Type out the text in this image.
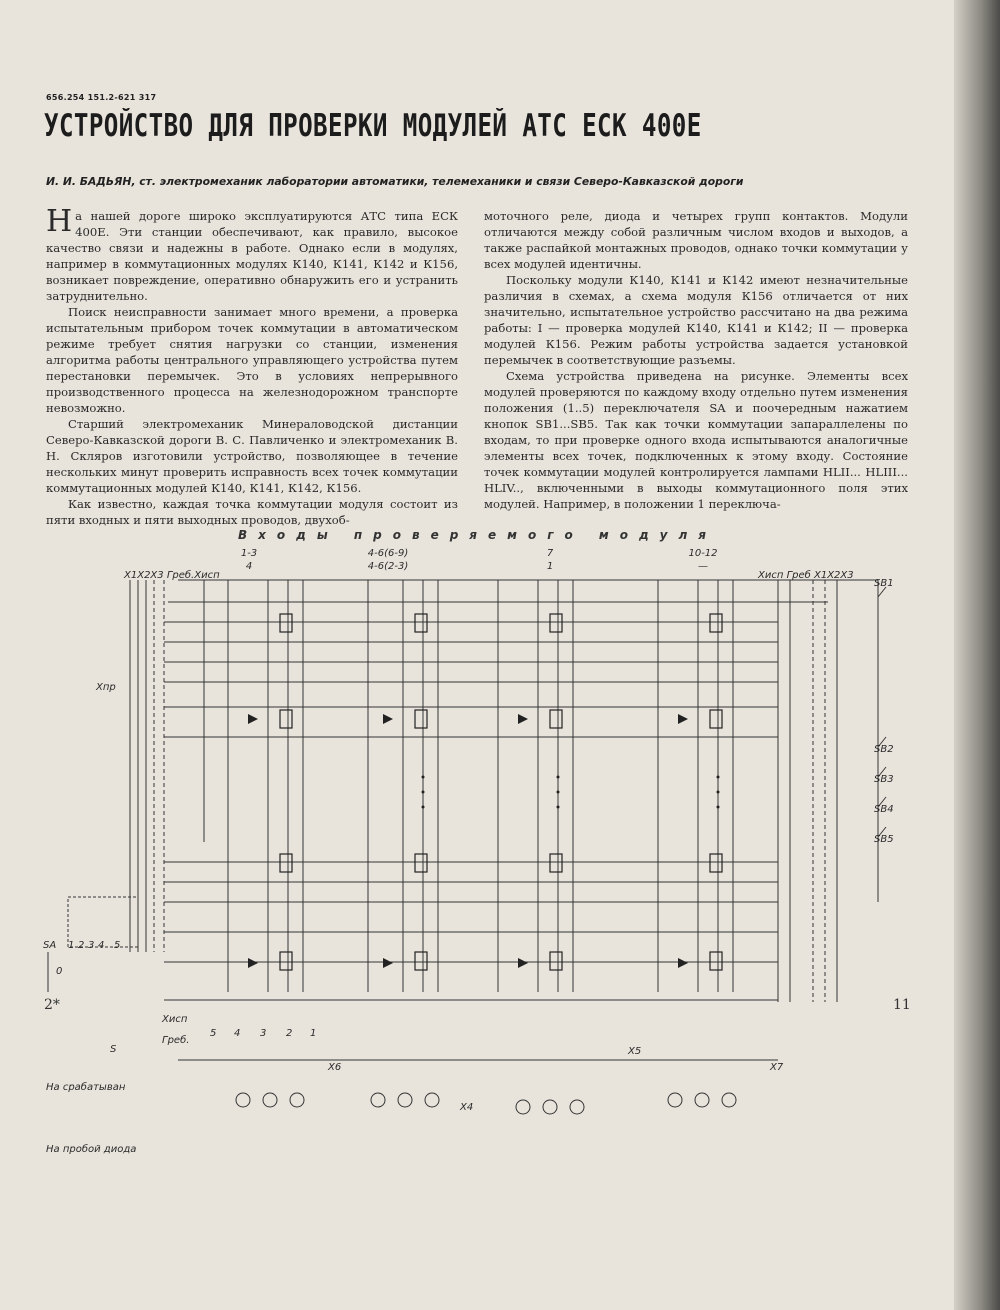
656.254 151.2-621 317
УСТРОЙСТВО ДЛЯ ПРОВЕРКИ МОДУЛЕЙ АТС ЕСК 400Е
И. И. БАДЬЯН, ст. электромеханик лаборатории автоматики, телемеханики и связи Северо-Кавказской дороги

На нашей дороге широко эксплуатируются АТС типа ЕСК 400Е. Эти станции обеспечивают, как правило, высокое качество связи и надежны в работе. Однако если в модулях, например в коммутационных модулях К140, К141, К142 и К156, возникает повреждение, оперативно обнаружить его и устранить затруднительно.

Поиск неисправности занимает много времени, а проверка испытательным прибором точек коммутации в автоматическом режиме требует снятия нагрузки со станции, изменения алгоритма работы центрального управляющего устройства путем перестановки перемычек. Это в условиях непрерывного производственного процесса на железнодорожном транспорте невозможно.

Старший электромеханик Минераловодской дистанции Северо-Кавказской дороги В. С. Павличенко и электромеханик В. Н. Скляров изготовили устройство, позволяющее в течение нескольких минут проверить исправность всех точек коммутации коммутационных модулей К140, К141, К142, К156.

Как известно, каждая точка коммутации модуля состоит из пяти входных и пяти выходных проводов, двухоб-

моточного реле, диода и четырех групп контактов. Модули отличаются между собой различным числом входов и выходов, а также распайкой монтажных проводов, однако точки коммутации у всех модулей идентичны.

Поскольку модули К140, К141 и К142 имеют незначительные различия в схемах, а схема модуля К156 отличается от них значительно, испытательное устройство рассчитано на два режима работы: I — проверка модулей К140, К141 и К142; II — проверка модулей К156. Режим работы устройства задается установкой перемычек в соответствующие разъемы.

Схема устройства приведена на рисунке. Элементы всех модулей проверяются по каждому входу отдельно путем изменения положения (1..5) переключателя SA и поочередным нажатием кнопок SB1...SB5. Так как точки коммутации запараллелены по входам, то при проверке одного входа испытываются аналогичные элементы всех точек, подключенных к этому входу. Состояние точек коммутации модулей контролируется лампами HLII... HLIII... HLIV.., включенными в выходы коммутационного поля этих модулей. Например, в положении 1 переключа-

Входы проверяемого модуля
1-3
4
4-6(6-9)
4-6(2-3)
7
1
10-12
—
X1X2X3 Греб.Хисп	Хисп Греб X1X2X3
Хпр
SA 1 2 3 4 5
0
S
Хисп
Греб.
5 4 3 2 1
SB1
SB2
SB3
SB4
SB5
X4
X5
X6	X7
На срабатыван
На пробой диода
2*	11
